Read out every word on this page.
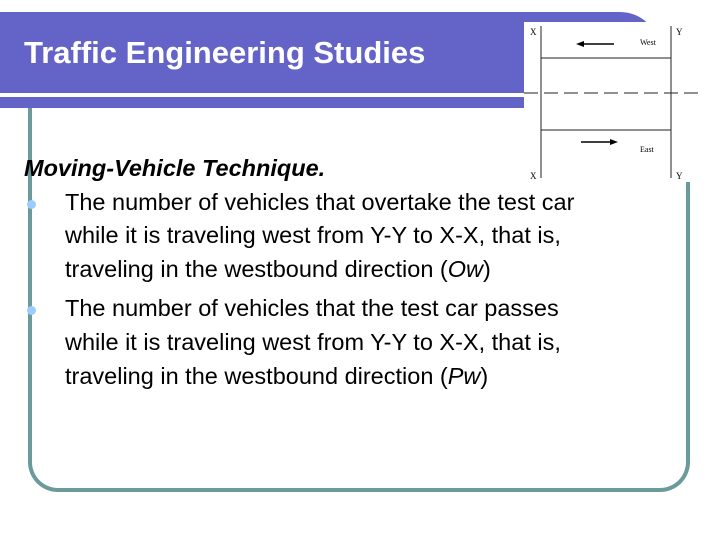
Traffic Engineering Studies
X	Y
X	Y
West
East
Moving-Vehicle Technique.
The number of vehicles that overtake the test car while it is traveling west from Y-Y to X-X, that is, traveling in the westbound direction (Ow)
The number of vehicles that the test car passes while it is traveling west from Y-Y to X-X, that is, traveling in the westbound direction (Pw)
